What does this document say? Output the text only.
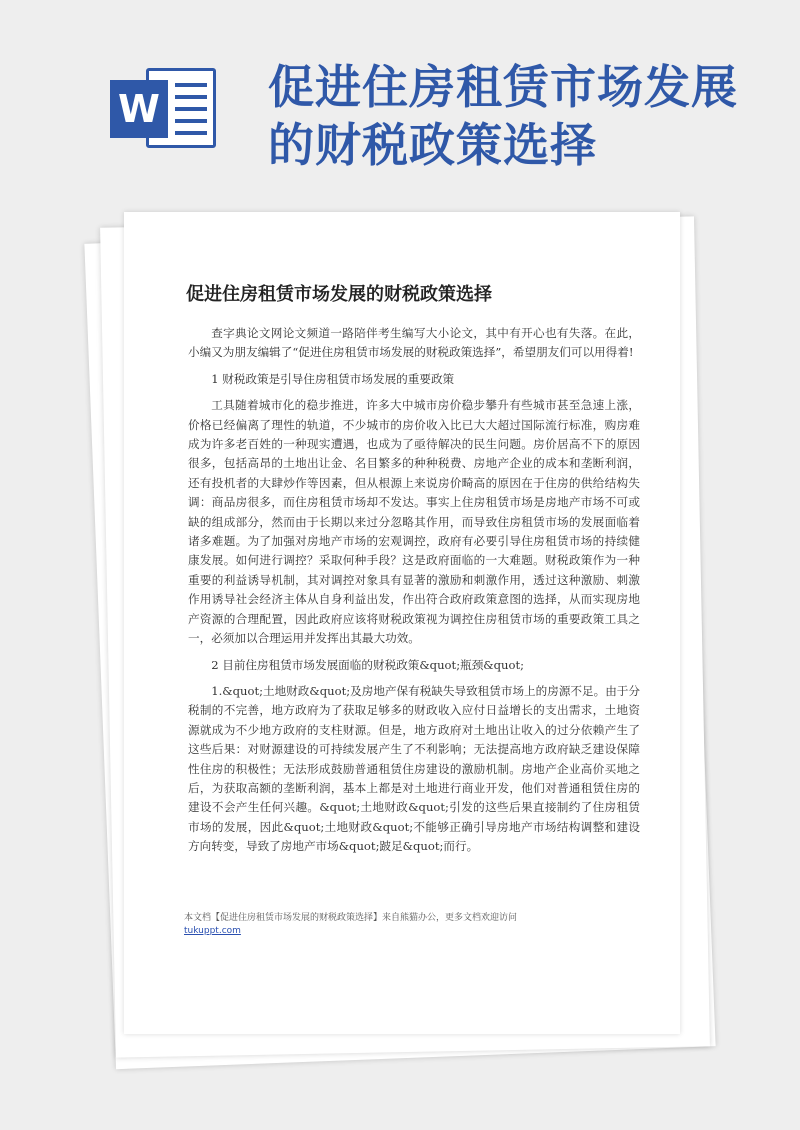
W 促进住房租赁市场发展的财税政策选择
促进住房租赁市场发展的财税政策选择

查字典论文网论文频道一路陪伴考生编写大小论文，其中有开心也有失落。在此，小编又为朋友编辑了“促进住房租赁市场发展的财税政策选择”，希望朋友们可以用得着!

1 财税政策是引导住房租赁市场发展的重要政策

工具随着城市化的稳步推进，许多大中城市房价稳步攀升有些城市甚至急速上涨，价格已经偏离了理性的轨道，不少城市的房价收入比已大大超过国际流行标准，购房难成为许多老百姓的一种现实遭遇，也成为了亟待解决的民生问题。房价居高不下的原因很多，包括高昂的土地出让金、名目繁多的种种税费、房地产企业的成本和垄断利润，还有投机者的大肆炒作等因素，但从根源上来说房价畸高的原因在于住房的供给结构失调：商品房很多，而住房租赁市场却不发达。事实上住房租赁市场是房地产市场不可或缺的组成部分，然而由于长期以来过分忽略其作用，而导致住房租赁市场的发展面临着诸多难题。为了加强对房地产市场的宏观调控，政府有必要引导住房租赁市场的持续健康发展。如何进行调控？采取何种手段？这是政府面临的一大难题。财税政策作为一种重要的利益诱导机制，其对调控对象具有显著的激励和刺激作用，透过这种激励、刺激作用诱导社会经济主体从自身利益出发，作出符合政府政策意图的选择，从而实现房地产资源的合理配置，因此政府应该将财税政策视为调控住房租赁市场的重要政策工具之一，必须加以合理运用并发挥出其最大功效。

2 目前住房租赁市场发展面临的财税政策&quot;瓶颈&quot;

1.&quot;土地财政&quot;及房地产保有税缺失导致租赁市场上的房源不足。由于分税制的不完善，地方政府为了获取足够多的财政收入应付日益增长的支出需求，土地资源就成为不少地方政府的支柱财源。但是，地方政府对土地出让收入的过分依赖产生了这些后果：对财源建设的可持续发展产生了不利影响；无法提高地方政府缺乏建设保障性住房的积极性；无法形成鼓励普通租赁住房建设的激励机制。房地产企业高价买地之后，为获取高额的垄断利润，基本上都是对土地进行商业开发，他们对普通租赁住房的建设不会产生任何兴趣。&quot;土地财政&quot;引发的这些后果直接制约了住房租赁市场的发展，因此&quot;土地财政&quot;不能够正确引导房地产市场结构调整和建设方向转变，导致了房地产市场&quot;跛足&quot;而行。

本文档【促进住房租赁市场发展的财税政策选择】来自熊猫办公，更多文档欢迎访问
tukuppt.com
